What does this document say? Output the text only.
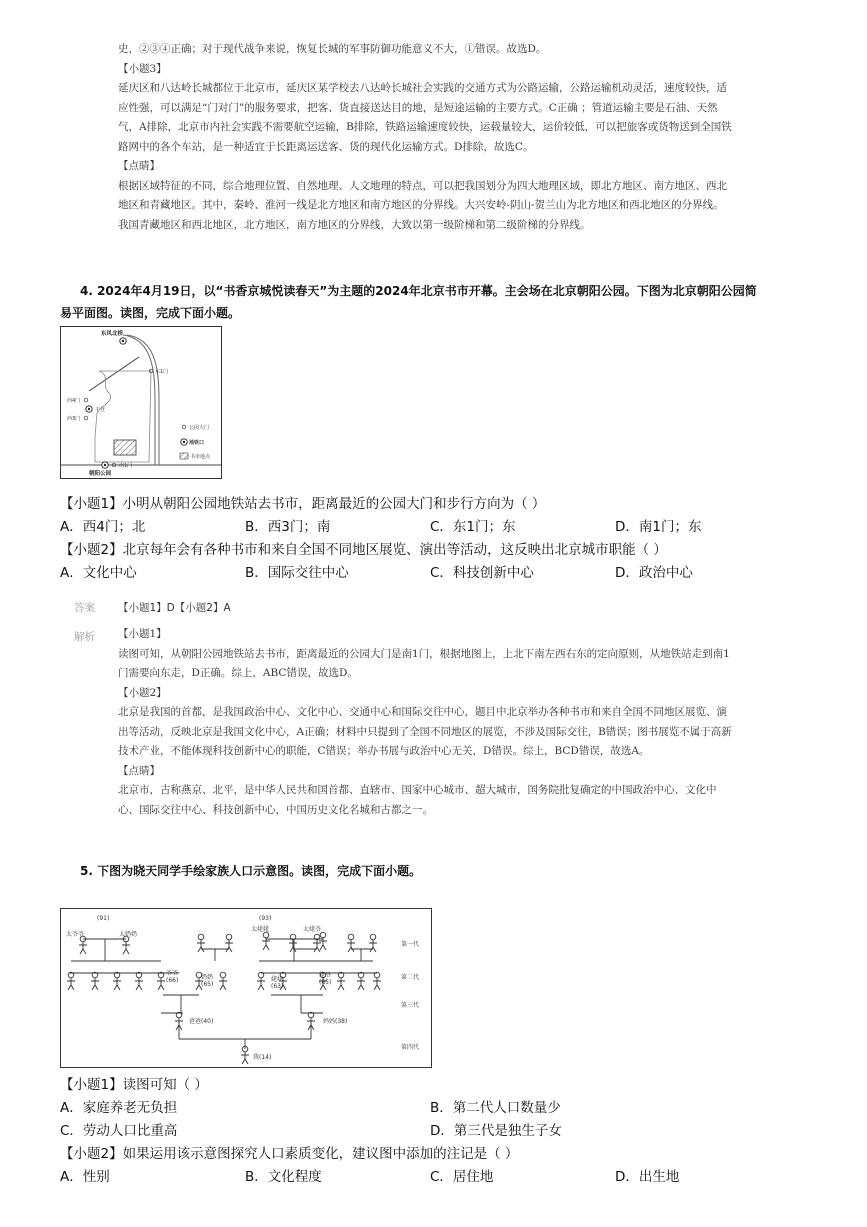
史，②③④正确；对于现代战争来说，恢复长城的军事防御功能意义不大，①错误。故选D。

【小题3】

延庆区和八达岭长城都位于北京市，延庆区某学校去八达岭长城社会实践的交通方式为公路运输，公路运输机动灵活，速度较快，适

应性强，可以满足“门对门”的服务要求，把客、货直接送达目的地，是短途运输的主要方式。C正确 ；管道运输主要是石油、天然

气，A排除，北京市内社会实践不需要航空运输，B排除，铁路运输速度较快，运载量较大，运价较低，可以把旅客或货物送到全国铁

路网中的各个车站，是一种适宜于长距离运送客、货的现代化运输方式。D排除，故选C。

【点睛】

根据区域特征的不同，综合地理位置、自然地理、人文地理的特点，可以把我国划分为四大地理区域，即北方地区、南方地区、西北

地区和青藏地区。其中，秦岭、淮河一线是北方地区和南方地区的分界线。大兴安岭-阴山-贺兰山为北方地区和西北地区的分界线。

我国青藏地区和西北地区，北方地区，南方地区的分界线，大致以第一级阶梯和第二级阶梯的分界线。

4. 2024年4月19日，以“书香京城悦读春天”为主题的2024年北京书市开幕。主会场在北京朝阳公园。下图为北京朝阳公园简
易平面图。读图，完成下面小题。
东风北桥
东1门
西4门
丰登
西3门
南1门
朝阳公园
公园大门
地铁口
书市地点
【小题1】小明从朝阳公园地铁站去书市，距离最近的公园大门和步行方向为（ ）
A．西4门；北	B．西3门；南	C．东1门；东	D．南1门；东
【小题2】北京每年会有各种书市和来自全国不同地区展览、演出等活动，这反映出北京城市职能（ ）
A．文化中心	B．国际交往中心	C．科技创新中心	D．政治中心
答案 【小题1】D【小题2】A
解析 【小题1】

读图可知，从朝阳公园地铁站去书市，距离最近的公园大门是南1门，根据地图上，上北下南左西右东的定向原则，从地铁站走到南1

门需要向东走，D正确。综上，ABC错误，故选D。

【小题2】

北京是我国的首都，是我国政治中心、文化中心、交通中心和国际交往中心，题目中北京举办各种书市和来自全国不同地区展览、演

出等活动，反映北京是我国文化中心，A正确；材料中只提到了全国不同地区的展览，不涉及国际交往，B错误；图书展览不属于高新

技术产业，不能体现科技创新中心的职能，C错误；举办书展与政治中心无关，D错误。综上，BCD错误，故选A。

【点睛】

北京市，古称燕京、北平，是中华人民共和国首都、直辖市、国家中心城市、超大城市，国务院批复确定的中国政治中心、文化中

心、国际交往中心、科技创新中心，中国历史文化名城和古都之一。

5. 下图为晓天同学手绘家族人口示意图。读图，完成下面小题。
(91)
太爷爷	太奶奶
(93)
太姥姥	太姥爷
爷爷
(66)	奶奶
(65)
姥姥
(63)
姥爷
(65)
爸爸(40)	妈妈(38)
我(14)
第一代
第二代
第三代
第四代
【小题1】读图可知（ ）
A．家庭养老无负担	B．第二代人口数量少
C．劳动人口比重高	D．第三代是独生子女
【小题2】如果运用该示意图探究人口素质变化，建议图中添加的注记是（ ）
A．性别	B．文化程度	C．居住地	D．出生地
